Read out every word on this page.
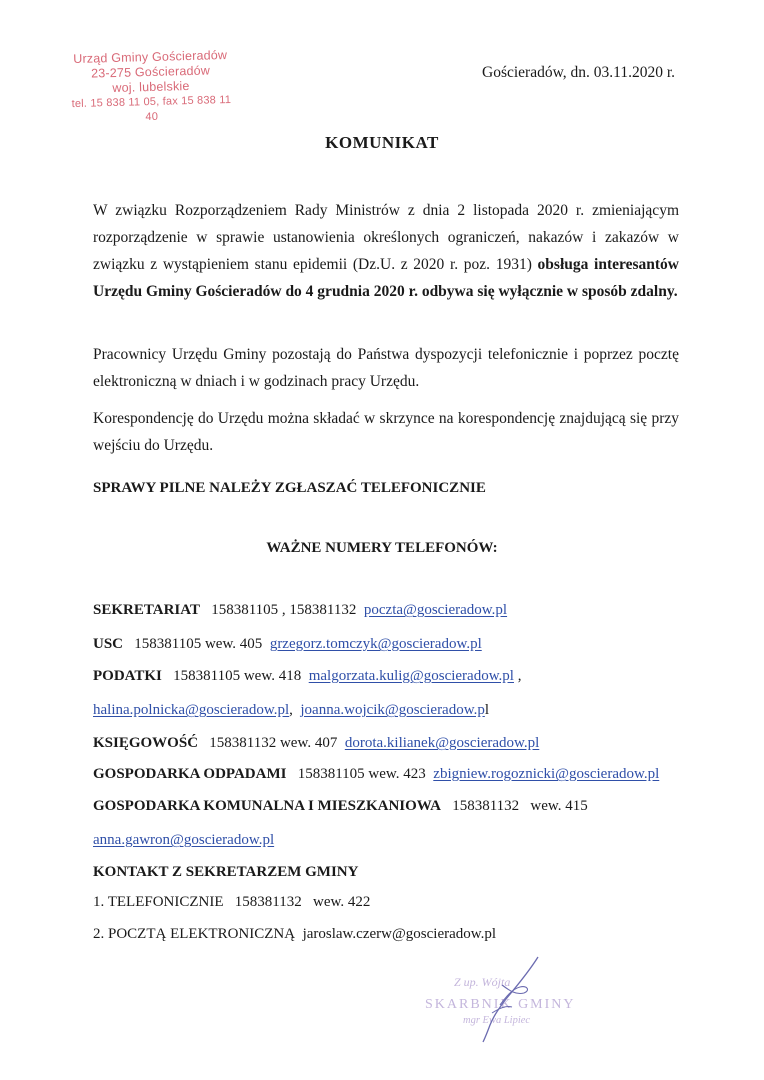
Urząd Gminy Gościeradów
23-275 Gościeradów
woj. lubelskie
tel. 15 838 11 05, fax 15 838 11 40
Gościeradów, dn. 03.11.2020 r.
KOMUNIKAT
W związku Rozporządzeniem Rady Ministrów z dnia 2 listopada 2020 r. zmieniającym rozporządzenie w sprawie ustanowienia określonych ograniczeń, nakazów i zakazów w związku z wystąpieniem stanu epidemii (Dz.U. z 2020 r. poz. 1931) obsługa interesantów Urzędu Gminy Gościeradów do 4 grudnia 2020 r. odbywa się wyłącznie w sposób zdalny.
Pracownicy Urzędu Gminy pozostają do Państwa dyspozycji telefonicznie i poprzez pocztę elektroniczną w dniach i w godzinach pracy Urzędu.
Korespondencję do Urzędu można składać w skrzynce na korespondencję znajdującą się przy wejściu do Urzędu.
SPRAWY PILNE NALEŻY ZGŁASZAĆ TELEFONICZNIE
WAŻNE NUMERY TELEFONÓW:
SEKRETARIAT 158381105 , 158381132 poczta@goscieradow.pl
USC 158381105 wew. 405 grzegorz.tomczyk@goscieradow.pl
PODATKI 158381105 wew. 418 malgorzata.kulig@goscieradow.pl ,
halina.polnicka@goscieradow.pl,  joanna.wojcik@goscieradow.pl
KSIĘGOWOŚĆ 158381132 wew. 407 dorota.kilianek@goscieradow.pl
GOSPODARKA ODPADAMI 158381105 wew. 423 zbigniew.rogoznicki@goscieradow.pl
GOSPODARKA KOMUNALNA I MIESZKANIOWA 158381132 wew. 415
anna.gawron@goscieradow.pl
KONTAKT Z SEKRETARZEM GMINY
1. TELEFONICZNIE 158381132 wew. 422
2. POCZTĄ ELEKTRONICZNĄ jaroslaw.czerw@goscieradow.pl
Z up. Wójta
SKARBNIK GMINY
mgr Ewa Lipiec
